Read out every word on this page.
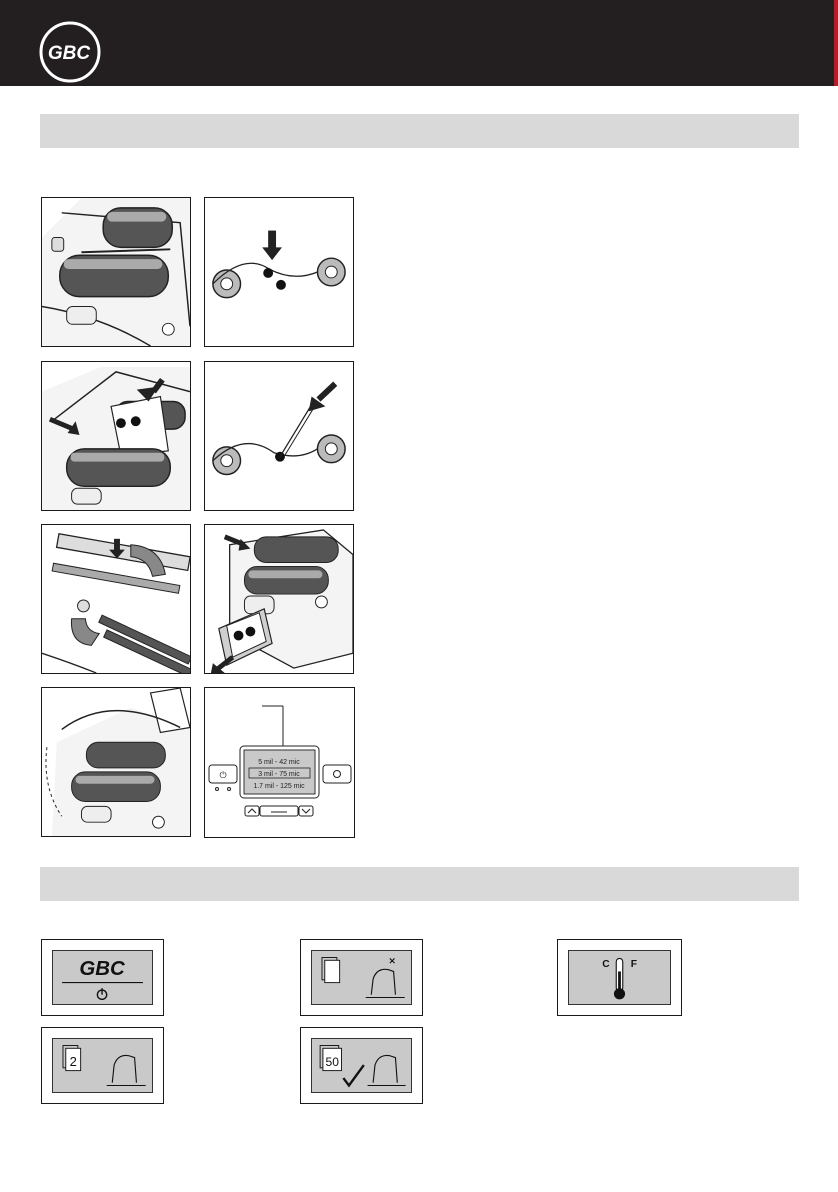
GBC
⏻
5 mil - 42 mic
3 mil - 75 mic
1.7 mil - 125 mic
GBC	C F
2	50
